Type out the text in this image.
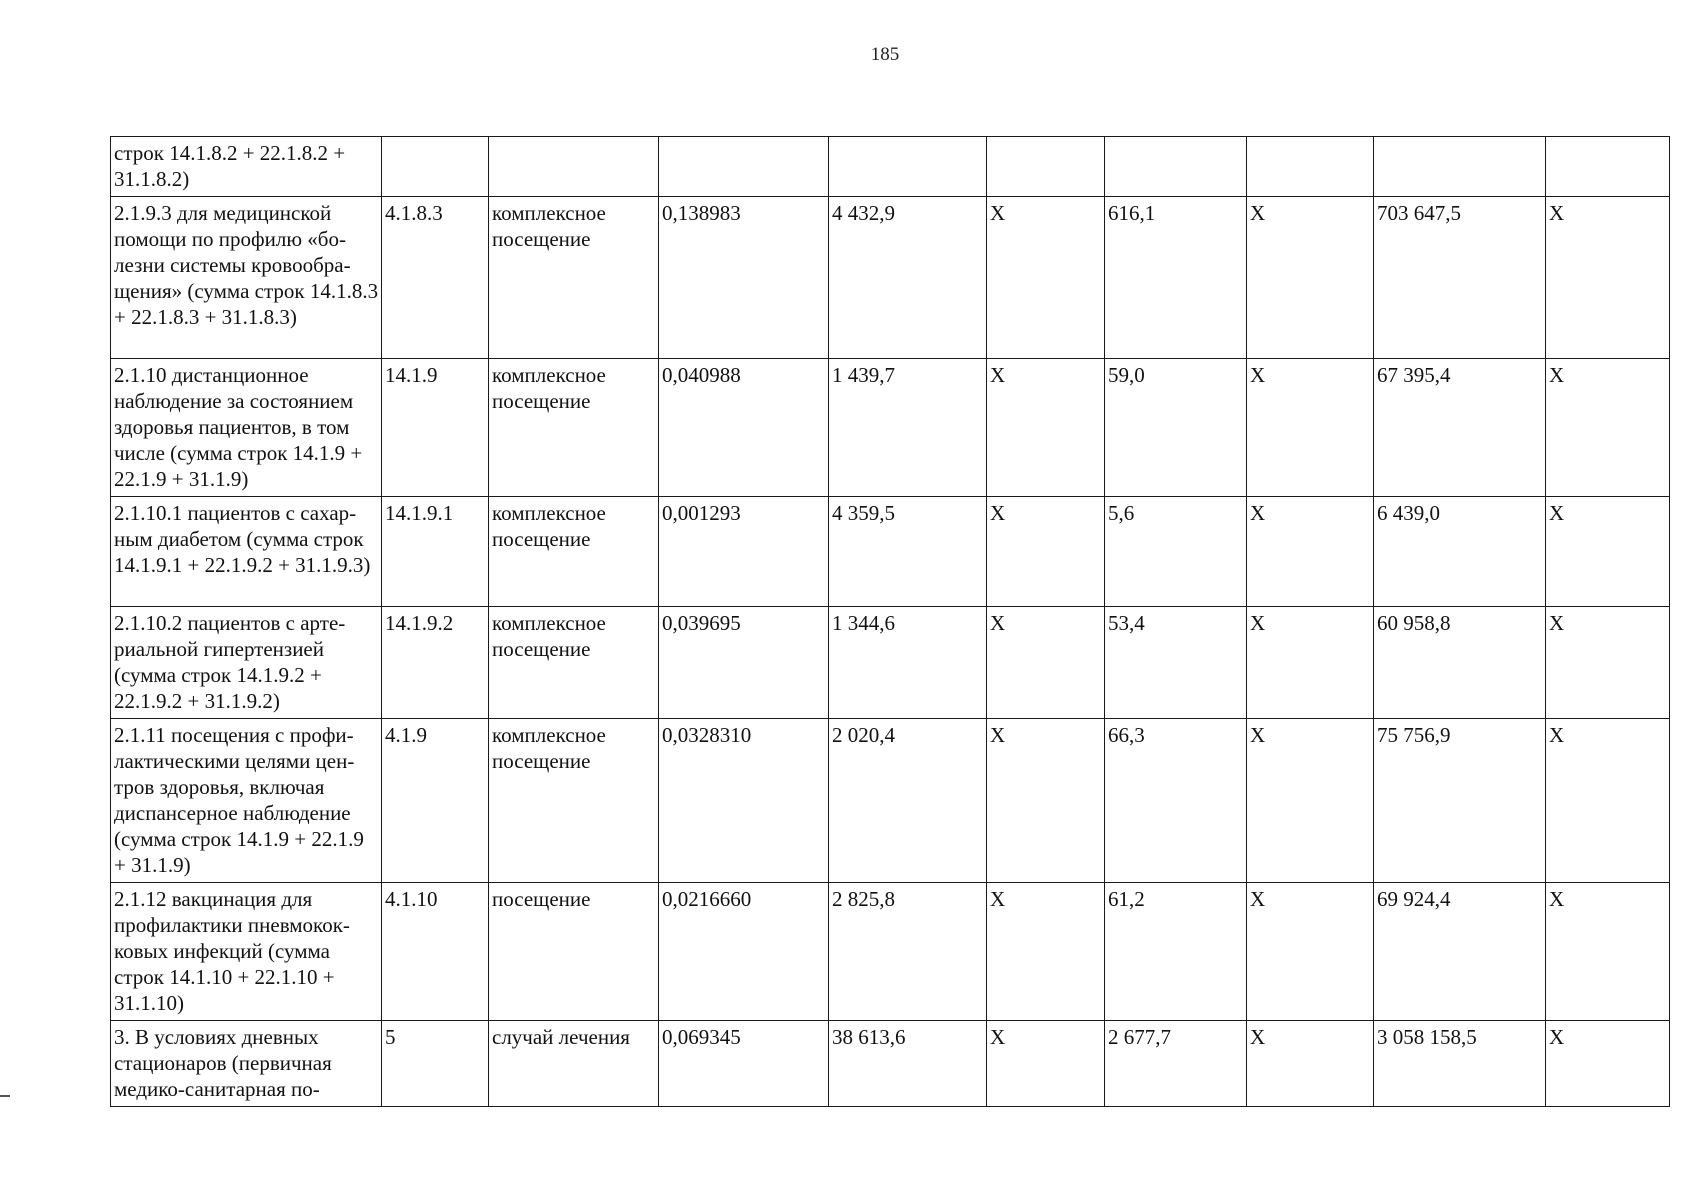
185
строк 14.1.8.2 + 22.1.8.2 + 31.1.8.2)									
2.1.9.3 для медицинской помощи по профилю «бо-лезни системы кровообра-щения» (сумма строк 14.1.8.3 + 22.1.8.3 + 31.1.8.3)	4.1.8.3	комплексное посещение	0,138983	4 432,9	X	616,1	X	703 647,5	X
2.1.10 дистанционное наблюдение за состоянием здоровья пациентов, в том числе (сумма строк 14.1.9 + 22.1.9 + 31.1.9)	14.1.9	комплексное посещение	0,040988	1 439,7	X	59,0	X	67 395,4	X
2.1.10.1 пациентов с сахар-ным диабетом (сумма строк 14.1.9.1 + 22.1.9.2 + 31.1.9.3)	14.1.9.1	комплексное посещение	0,001293	4 359,5	X	5,6	X	6 439,0	X
2.1.10.2 пациентов с арте-риальной гипертензией (сумма строк 14.1.9.2 + 22.1.9.2 + 31.1.9.2)	14.1.9.2	комплексное посещение	0,039695	1 344,6	X	53,4	X	60 958,8	X
2.1.11 посещения с профи-лактическими целями цен-тров здоровья, включая диспансерное наблюдение (сумма строк 14.1.9 + 22.1.9 + 31.1.9)	4.1.9	комплексное посещение	0,0328310	2 020,4	X	66,3	X	75 756,9	X
2.1.12 вакцинация для профилактики пневмокок-ковых инфекций (сумма строк 14.1.10 + 22.1.10 + 31.1.10)	4.1.10	посещение	0,0216660	2 825,8	X	61,2	X	69 924,4	X
3. В условиях дневных стационаров (первичная медико-санитарная по-	5	случай лечения	0,069345	38 613,6	X	2 677,7	X	3 058 158,5	X
